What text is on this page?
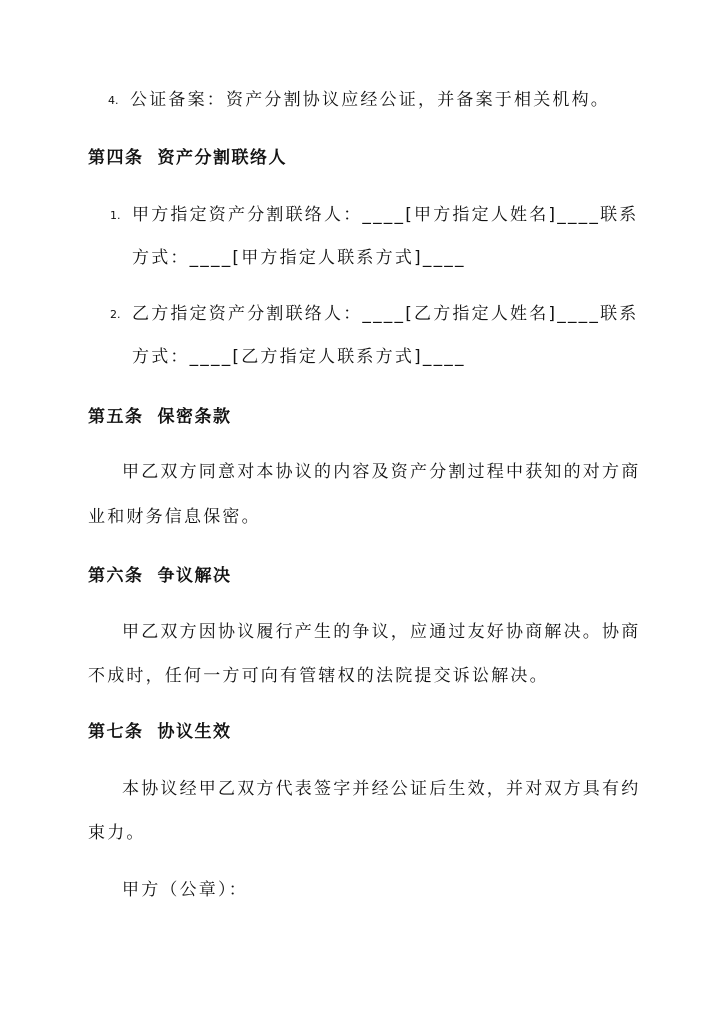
4. 公证备案：资产分割协议应经公证，并备案于相关机构。
第四条 资产分割联络人
1. 甲方指定资产分割联络人：____[甲方指定人姓名]____联系
方式：____[甲方指定人联系方式]____
2. 乙方指定资产分割联络人：____[乙方指定人姓名]____联系
方式：____[乙方指定人联系方式]____
第五条 保密条款
甲乙双方同意对本协议的内容及资产分割过程中获知的对方商
业和财务信息保密。
第六条 争议解决
甲乙双方因协议履行产生的争议，应通过友好协商解决。协商
不成时，任何一方可向有管辖权的法院提交诉讼解决。
第七条 协议生效
本协议经甲乙双方代表签字并经公证后生效，并对双方具有约
束力。
甲方（公章）：
